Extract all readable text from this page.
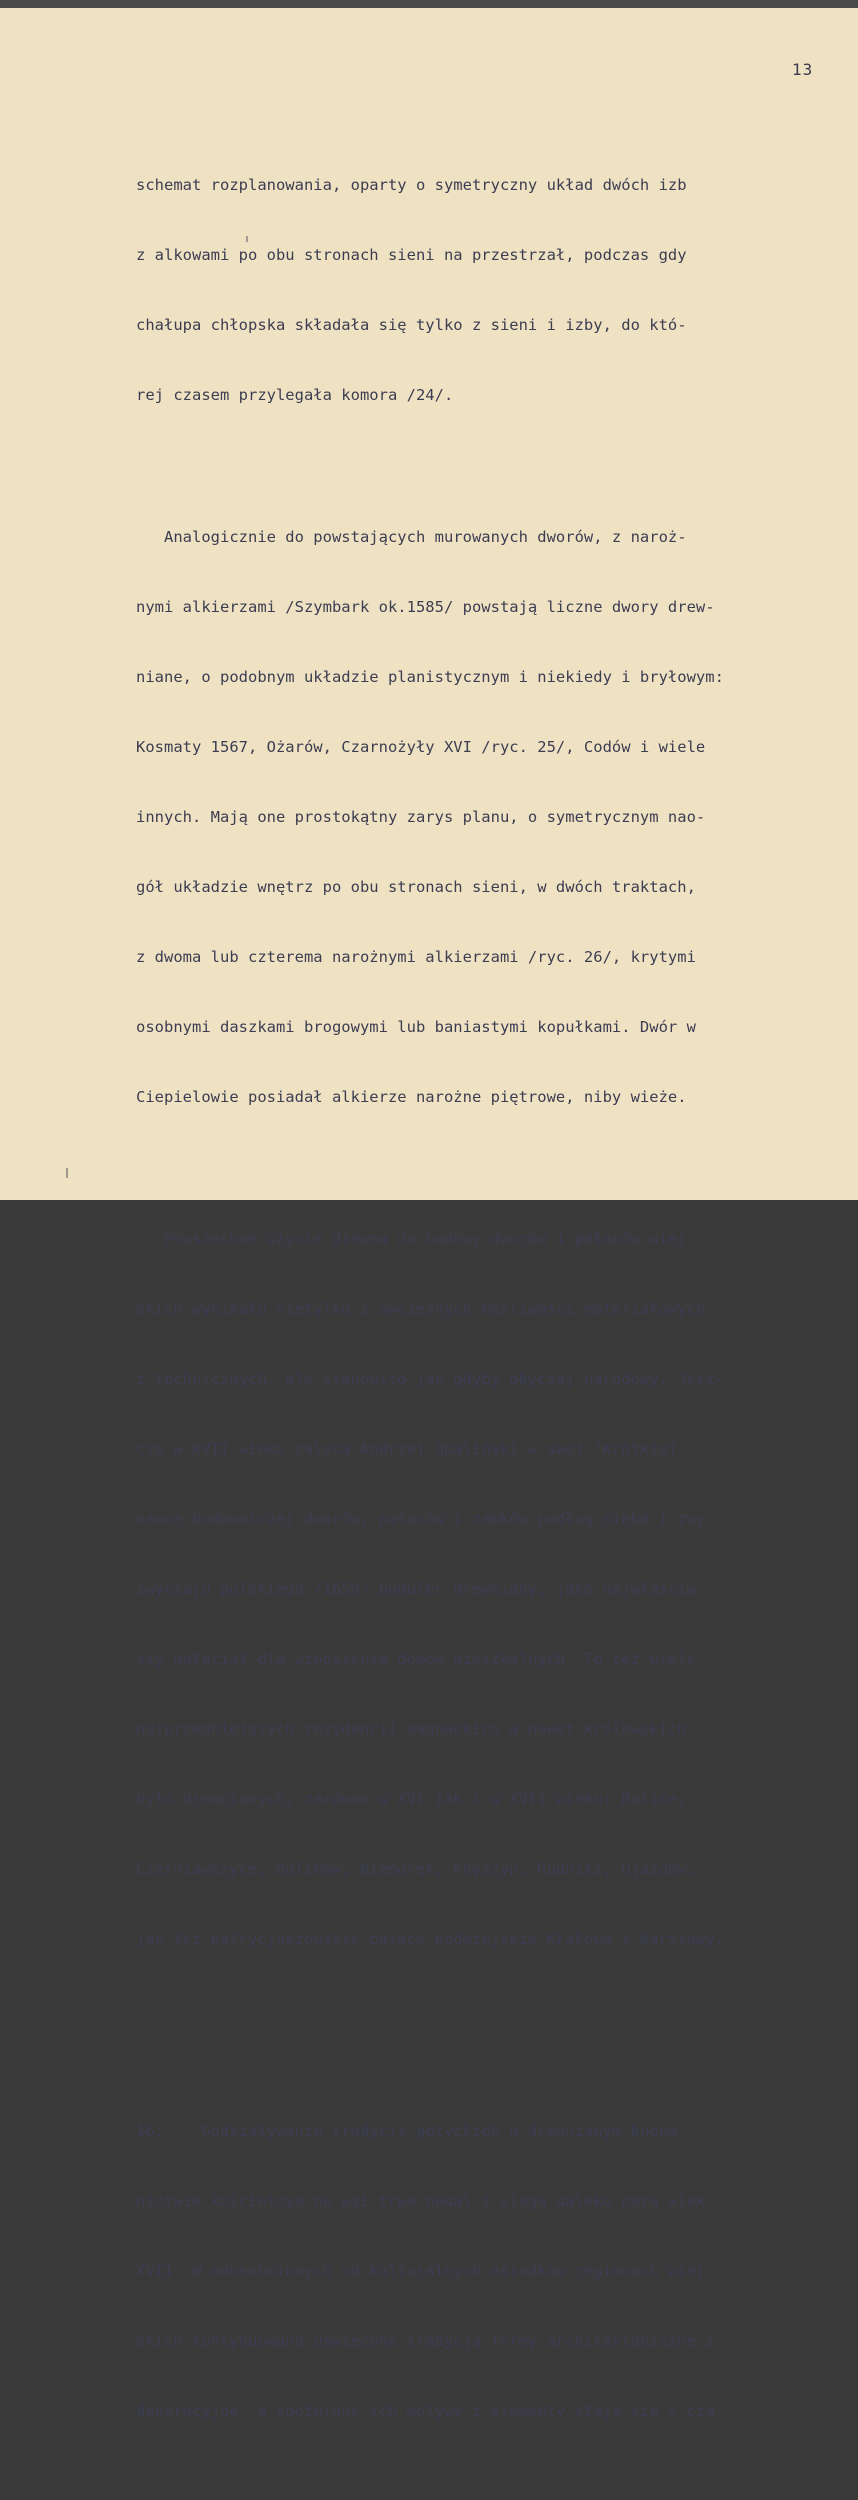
13

schemat rozplanowania, oparty o symetryczny układ dwóch izb

z alkowami po obu stronach sieni na przestrzał, podczas gdy

chałupa chłopska składała się tylko z sieni i izby, do któ-

rej czasem przylegała komora /24/.

Analogicznie do powstających murowanych dworów, z naroż-

nymi alkierzami /Szymbark ok.1585/ powstają liczne dwory drew-

niane, o podobnym układzie planistycznym i niekiedy i bryłowym:

Kosmaty 1567, Ożarów, Czarnożyły XVI /ryc. 25/, Codów i wiele

innych. Mają one prostokątny zarys planu, o symetrycznym nao-

gół układzie wnętrz po obu stronach sieni, w dwóch traktach,

z dwoma lub czterema narożnymi alkierzami /ryc. 26/, krytymi

osobnymi daszkami brogowymi lub baniastymi kopułkami. Dwór w

Ciepielowie posiadał alkierze narożne piętrowe, niby wieże.

Powszechne użycie drewna do budowy dworów i pałaców wiej-

skich wynikało nietylko z ówczesnych możliwości materiałowych

i technicznych, ale stanowiło jak gdyby obyczaj narodowy. Jesz-

cze w XVII wieku zaleca Andrzej Opaliński w swej "Krótkiej

nauce budowniczej dworów, pałaców i zamków podług nieba i zwy-

zwyczaju polskiego /1659/ budulec drewniany, jako najwłaściw-

szy materiał dla wznoszenia domów mieszkalnych. To też wiele

najprzedniejszych rezydencji magnackich a nawet królewskich

było drewnianych, zarówno w XVI jak i w XVII wieku: Balice,

Czerniawczyce, Bolimów, Nieporęt, Knyszyn, Rudniki, Ujazdów,

jak też patrycjuszowskie pałace podmiejskie Krakowa i Warszawy.

16.    Oddziaływanie tradycji gotyckich w drewnianym budow-

nictwie kościelnym na wsi trwa nadal i sięga daleko poza wiek

XVII. W odosobnionych od kulturalnych ośrodków regionach wiej-

skich kontynuowano uświęcone tradycją formy architektoniczne i

dekoracyjne, a spóźnione ich motywy i elementy stają się z cza-
